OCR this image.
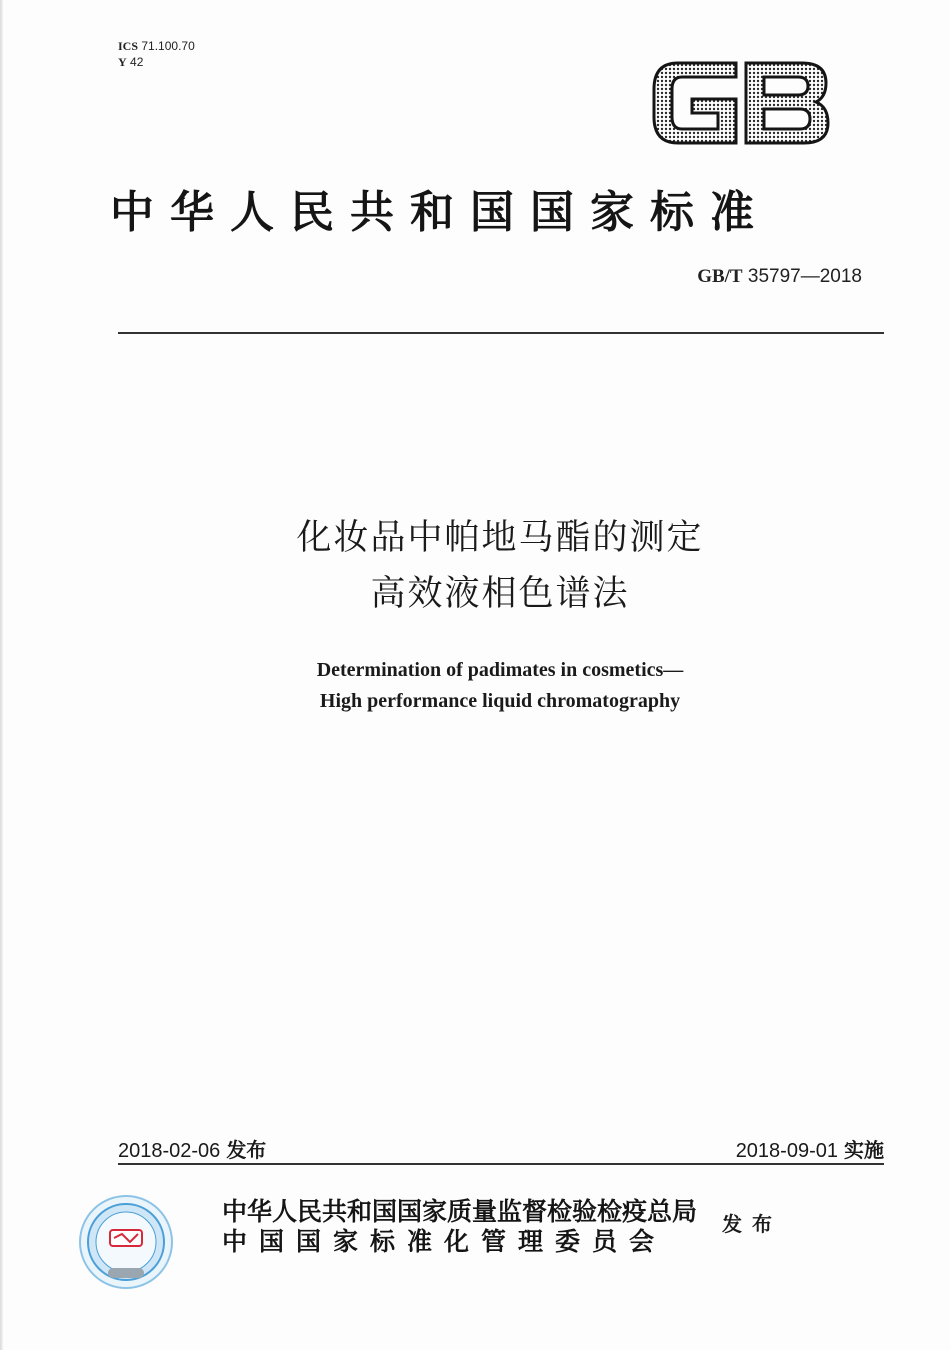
ICS 71.100.70
Y 42
中华人民共和国国家标准
GB/T 35797—2018
化妆品中帕地马酯的测定
高效液相色谱法
Determination of padimates in cosmetics—
High performance liquid chromatography
2018-02-06 发布	2018-09-01 实施
中华人民共和国国家质量监督检验检疫总局
中国国家标准化管理委员会
发布
